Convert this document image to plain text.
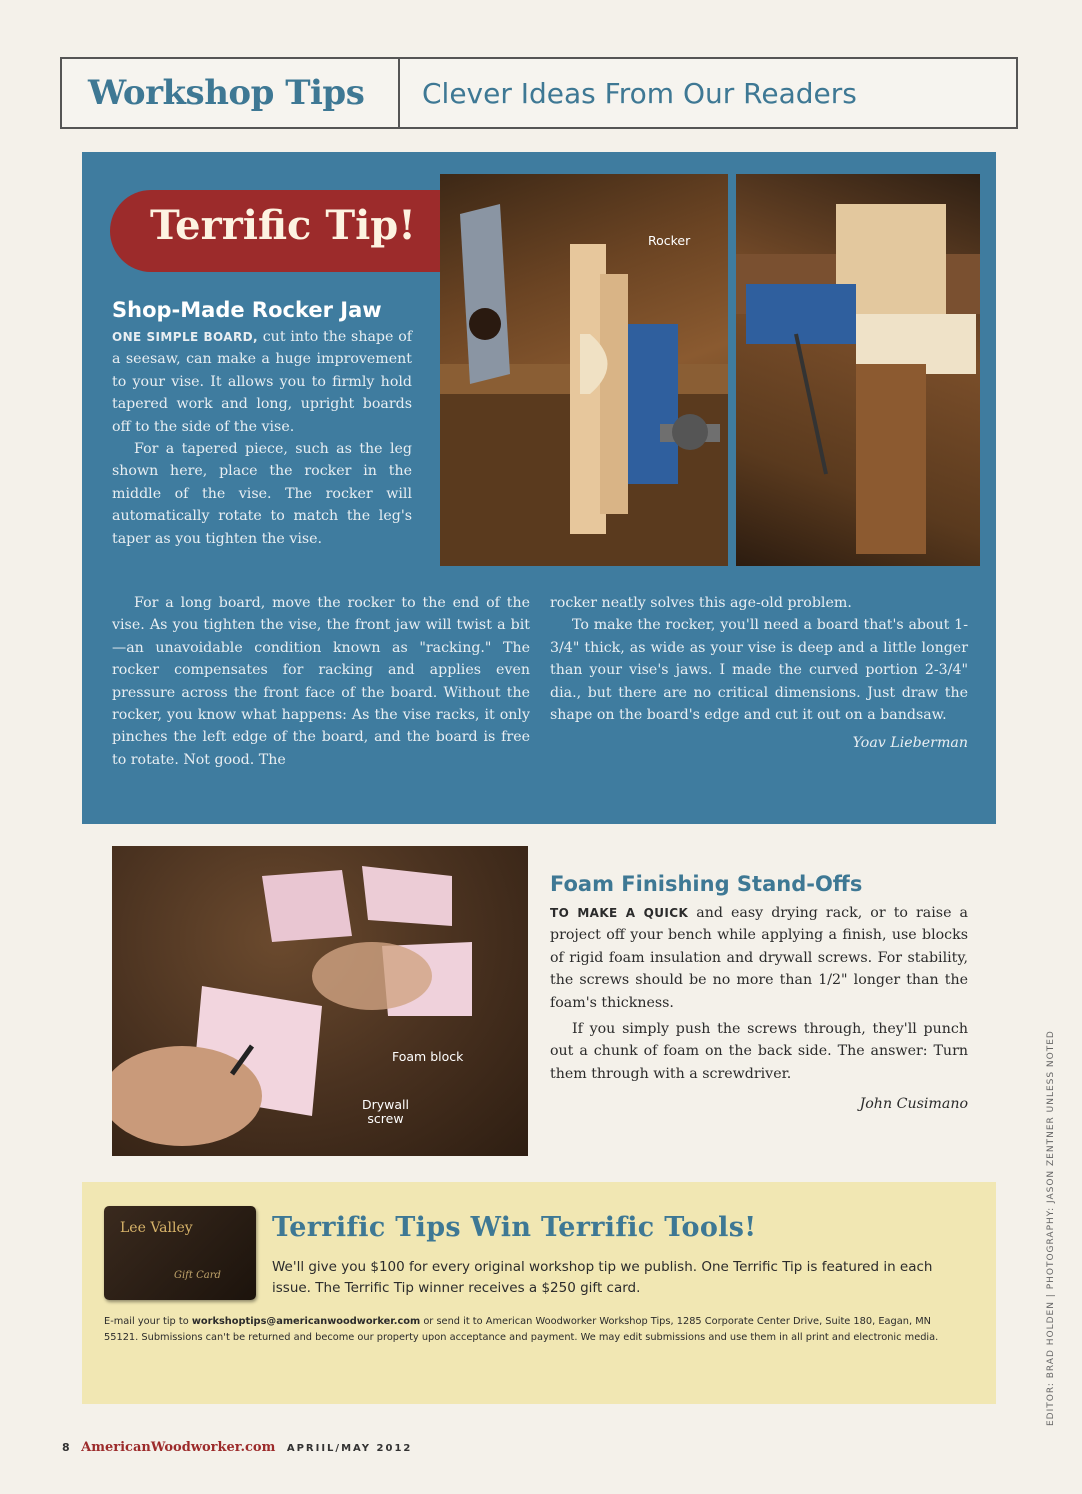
Workshop Tips Clever Ideas From Our Readers
Terrific Tip!	Rocker
Shop-Made Rocker Jaw

ONE SIMPLE BOARD, cut into the shape of a seesaw, can make a huge improvement to your vise. It allows you to firmly hold tapered work and long, upright boards off to the side of the vise.

For a tapered piece, such as the leg shown here, place the rocker in the middle of the vise. The rocker will automatically rotate to match the leg's taper as you tighten the vise.

For a long board, move the rocker to the end of the vise. As you tighten the vise, the front jaw will twist a bit—an unavoidable condition known as "racking." The rocker compensates for racking and applies even pressure across the front face of the board. Without the rocker, you know what happens: As the vise racks, it only pinches the left edge of the board, and the board is free to rotate. Not good. The

rocker neatly solves this age-old problem.

To make the rocker, you'll need a board that's about 1-3/4" thick, as wide as your vise is deep and a little longer than your vise's jaws. I made the curved portion 2-3/4" dia., but there are no critical dimensions. Just draw the shape on the board's edge and cut it out on a bandsaw.

Yoav Lieberman
Foam block
Drywall
screw
Foam Finishing Stand-Offs

TO MAKE A QUICK and easy drying rack, or to raise a project off your bench while applying a finish, use blocks of rigid foam insulation and drywall screws. For stability, the screws should be no more than 1/2" longer than the foam's thickness.

If you simply push the screws through, they'll punch out a chunk of foam on the back side. The answer: Turn them through with a screwdriver.

John Cusimano
Lee Valley
Gift Card
Terrific Tips Win Terrific Tools!
We'll give you $100 for every original workshop tip we publish. One Terrific Tip is featured in each issue. The Terrific Tip winner receives a $250 gift card.
E-mail your tip to workshoptips@americanwoodworker.com or send it to American Woodworker Workshop Tips, 1285 Corporate Center Drive, Suite 180, Eagan, MN 55121. Submissions can't be returned and become our property upon acceptance and payment. We may edit submissions and use them in all print and electronic media.
8 AmericanWoodworker.com APRIIL/MAY 2012
EDITOR: BRAD HOLDEN | PHOTOGRAPHY: JASON ZENTNER UNLESS NOTED
